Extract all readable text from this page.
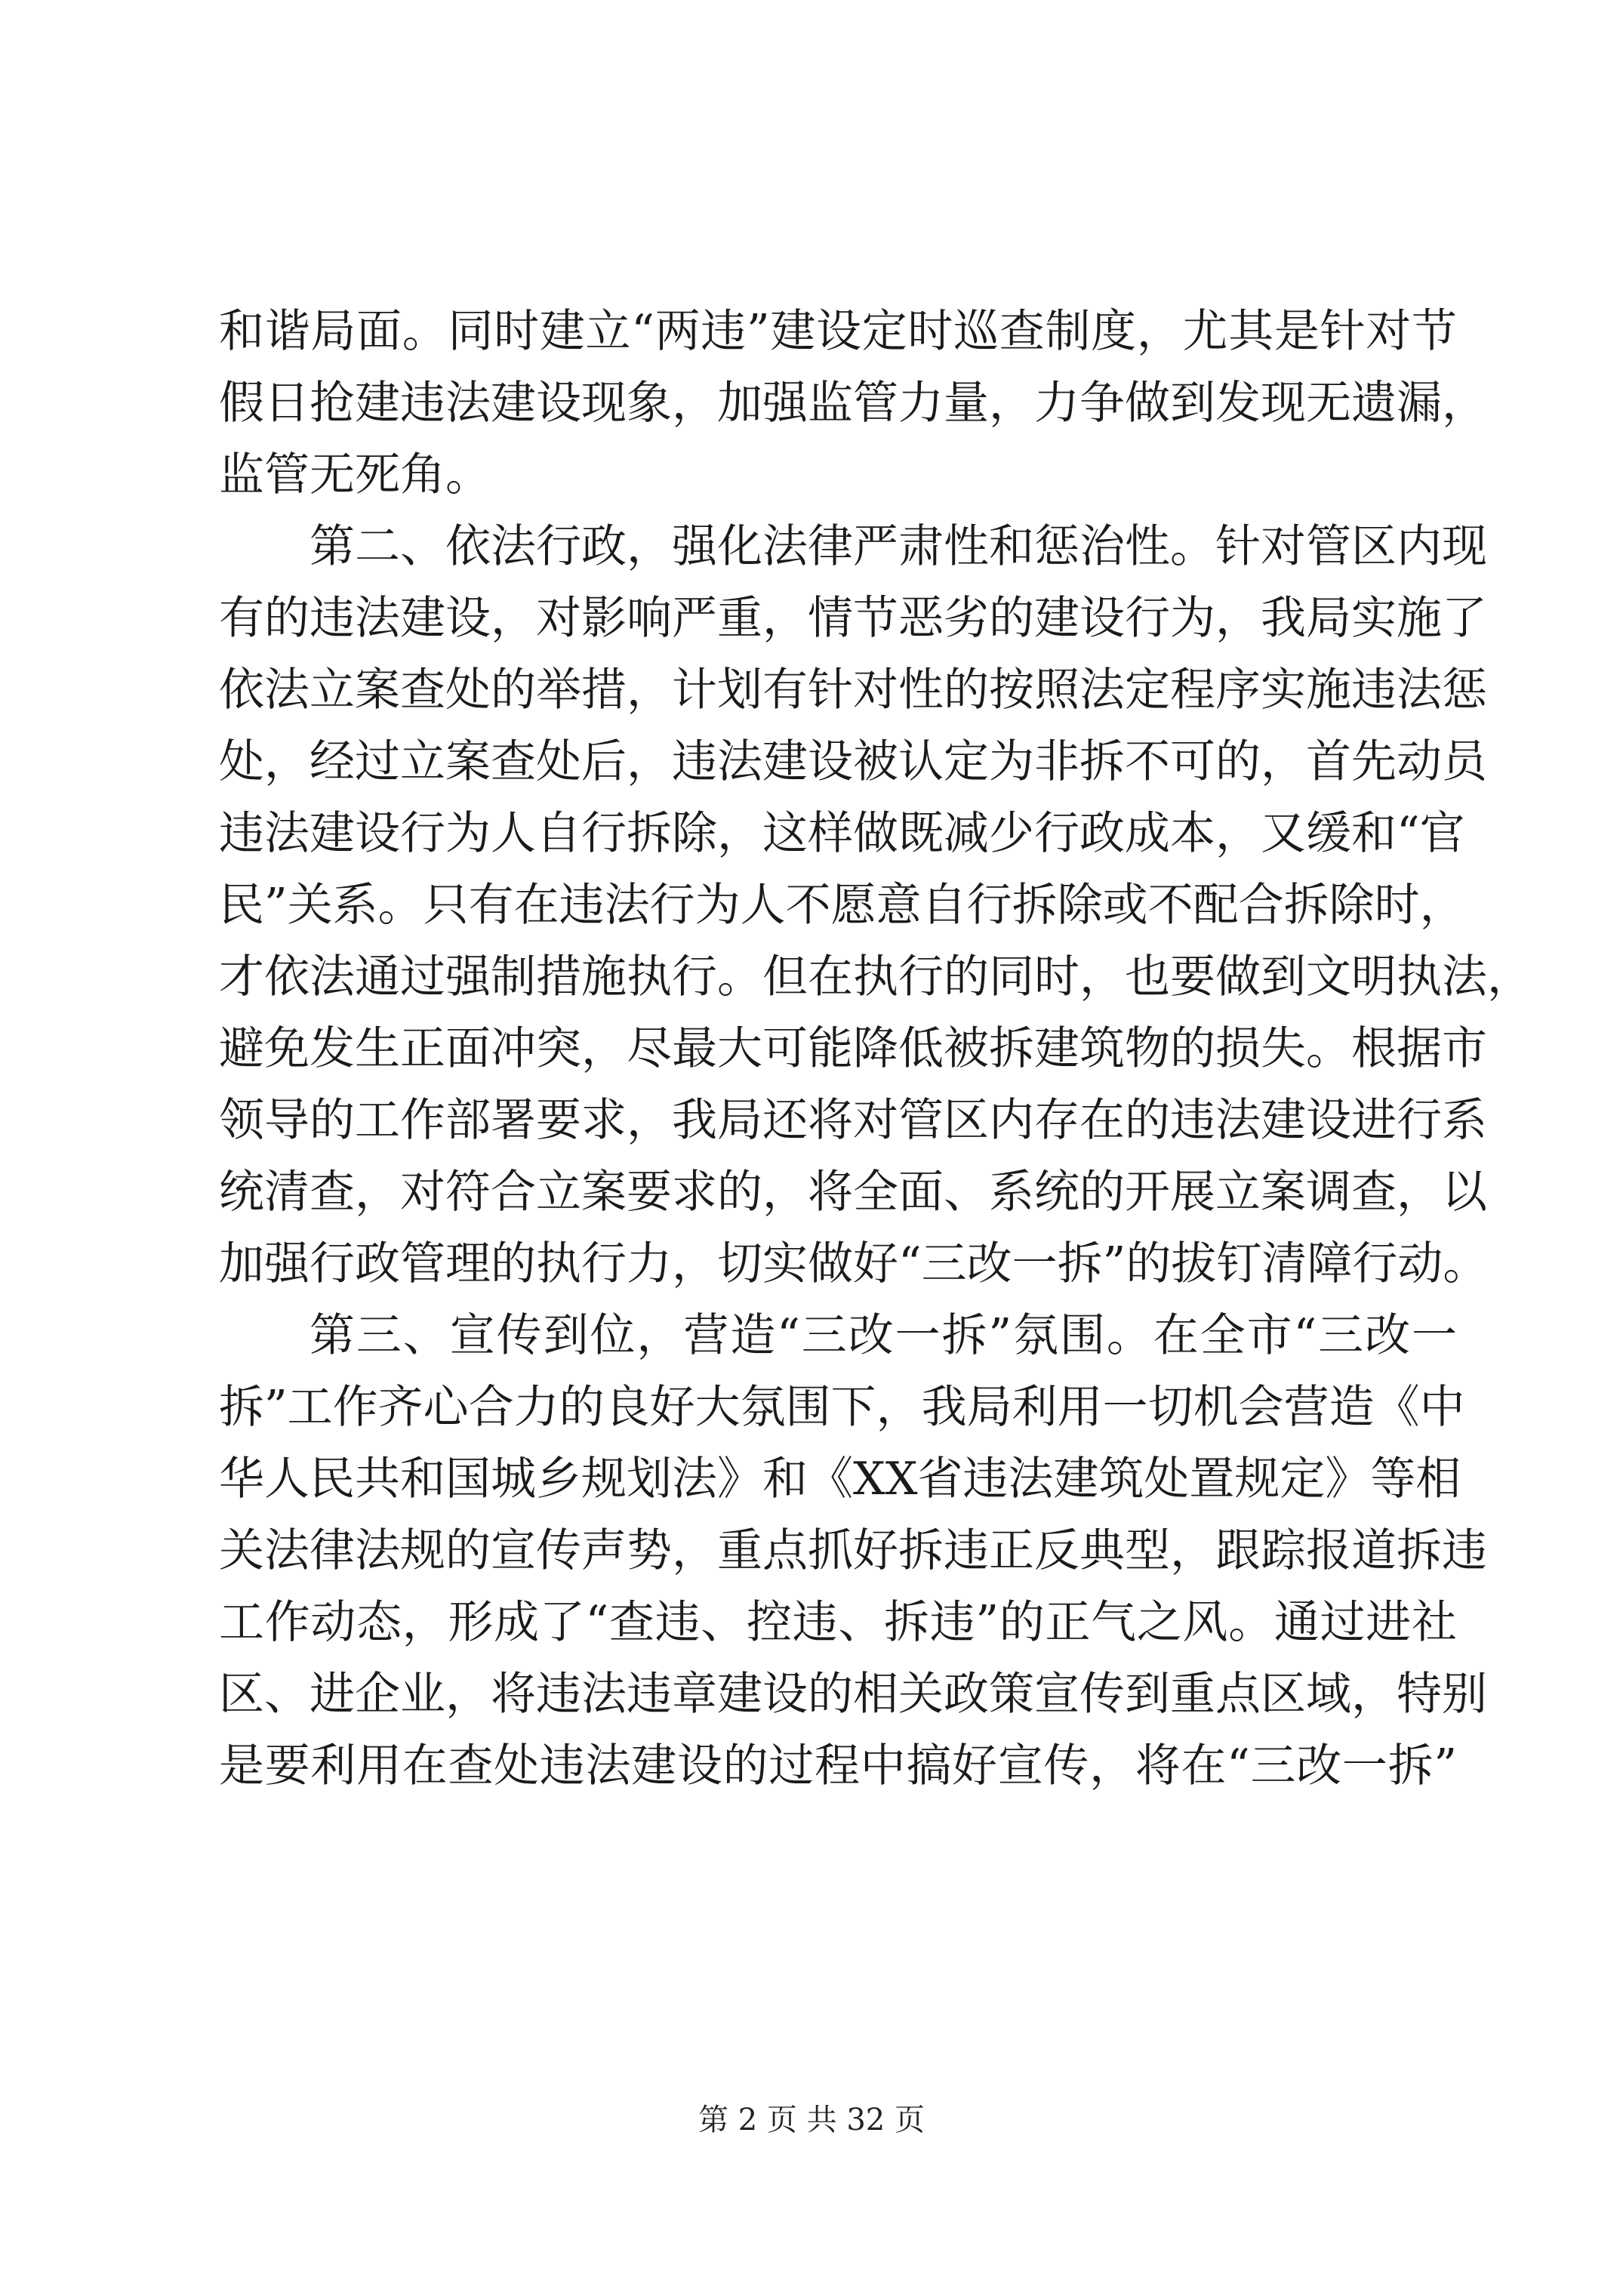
和谐局面。同时建立“两违”建设定时巡查制度，尤其是针对节
假日抢建违法建设现象，加强监管力量，力争做到发现无遗漏，
监管无死角。
第二、依法行政，强化法律严肃性和惩治性。针对管区内现
有的违法建设，对影响严重，情节恶劣的建设行为，我局实施了
依法立案查处的举措，计划有针对性的按照法定程序实施违法惩
处，经过立案查处后，违法建设被认定为非拆不可的，首先动员
违法建设行为人自行拆除，这样做既减少行政成本，又缓和“官
民”关系。只有在违法行为人不愿意自行拆除或不配合拆除时，
才依法通过强制措施执行。但在执行的同时，也要做到文明执法，
避免发生正面冲突，尽最大可能降低被拆建筑物的损失。根据市
领导的工作部署要求，我局还将对管区内存在的违法建设进行系
统清查，对符合立案要求的，将全面、系统的开展立案调查，以
加强行政管理的执行力，切实做好“三改一拆”的拔钉清障行动。
第三、宣传到位，营造“三改一拆”氛围。在全市“三改一
拆”工作齐心合力的良好大氛围下，我局利用一切机会营造《中
华人民共和国城乡规划法》和《XX省违法建筑处置规定》等相
关法律法规的宣传声势，重点抓好拆违正反典型，跟踪报道拆违
工作动态，形成了“查违、控违、拆违”的正气之风。通过进社
区、进企业，将违法违章建设的相关政策宣传到重点区域，特别
是要利用在查处违法建设的过程中搞好宣传，将在“三改一拆”
第 2 页 共 32 页
